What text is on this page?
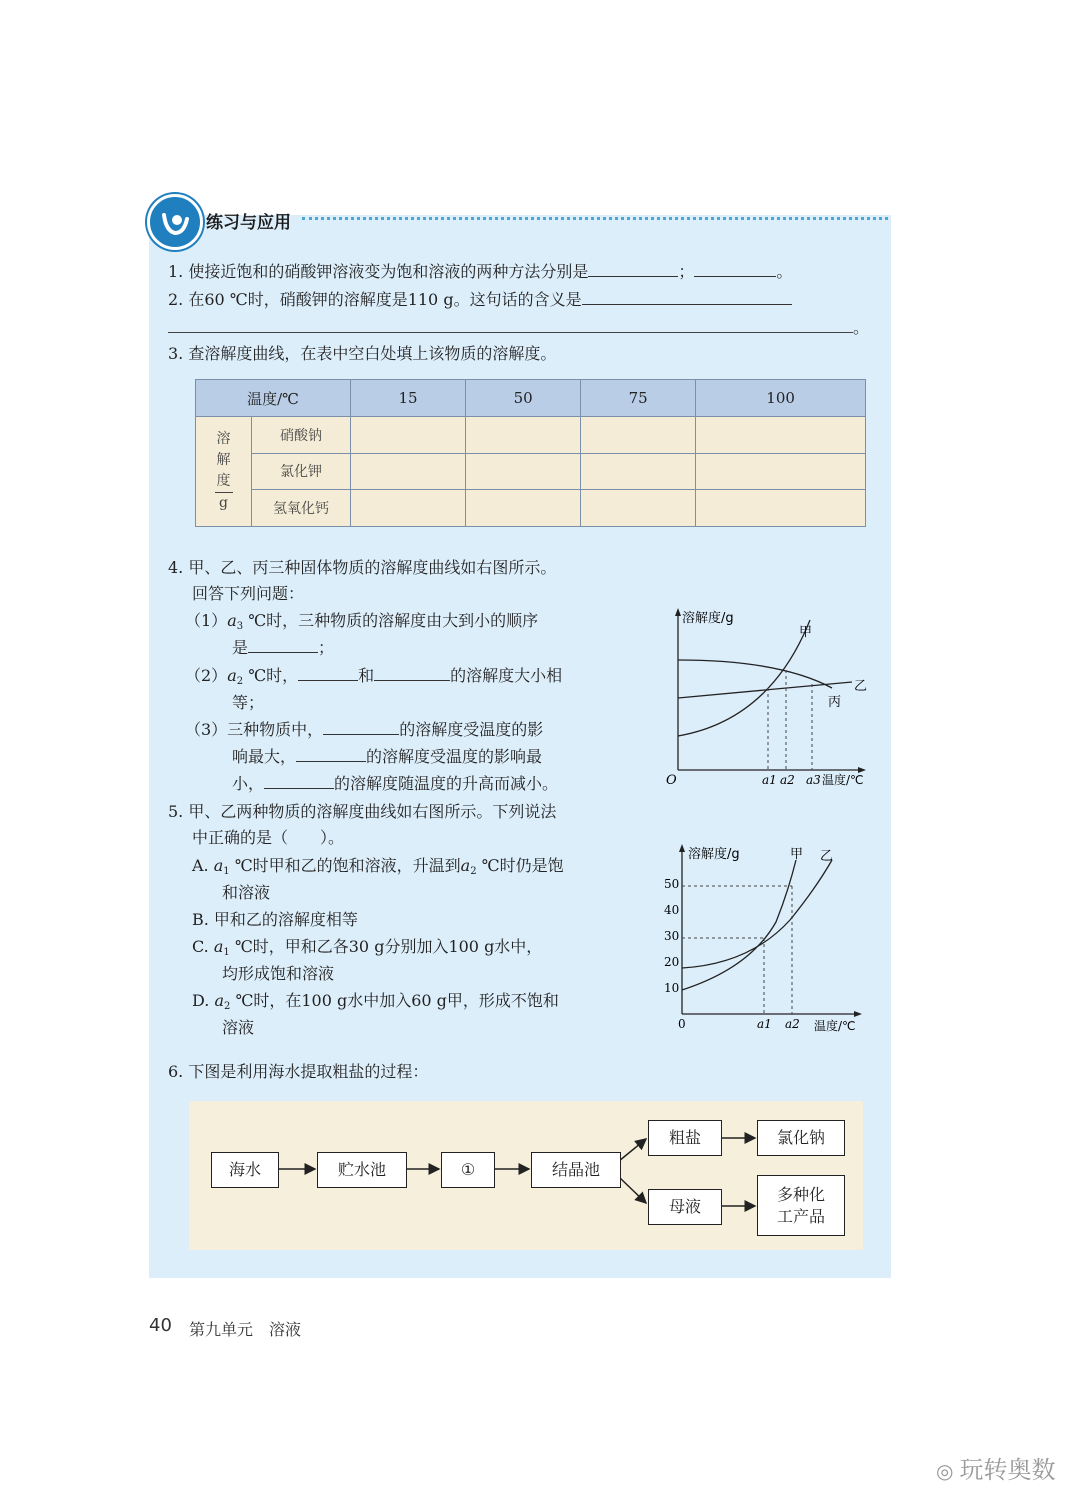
练习与应用
1. 使接近饱和的硝酸钾溶液变为饱和溶液的两种方法分别是	；	。
2. 在60 ℃时，硝酸钾的溶解度是110 g。这句话的含义是
。
3. 查溶解度曲线，在表中空白处填上该物质的溶解度。
温度/℃		15	50	75	100

溶
解
度
g	硝酸钠				
	氯化钾				
	氢氧化钙				
4. 甲、乙、丙三种固体物质的溶解度曲线如右图所示。
回答下列问题：
$(1)a_3$ ℃时，三种物质的溶解度由大到小的顺序
是	；
$(2)a_2$ ℃时，	和	的溶解度大小相
等；
（3）三种物质中，	的溶解度受温度的影
响最大，	的溶解度受温度的影响最
小，	的溶解度随温度的升高而减小。
溶解度/g
O
甲
乙
丙
a1 a2 a3 温度/℃
5. 甲、乙两种物质的溶解度曲线如右图所示。下列说法
中正确的是（　　）。
A. $a_1$ ℃时甲和乙的饱和溶液，升温到$a_2$ ℃时仍是饱
和溶液
B. 甲和乙的溶解度相等
C. $a_1$ ℃时，甲和乙各30 g分别加入100 g水中，
均形成饱和溶液
D. $a_2$ ℃时，在100 g水中加入60 g甲，形成不饱和
溶液
溶解度/g
10
20
30
40
50
0
甲 乙
a1 a2 温度/℃
6. 下图是利用海水提取粗盐的过程：
海水	贮水池	①	结晶池
粗盐	氯化钠
母液
多种化
工产品
40 第九单元　溶液
◎ 玩转奥数
